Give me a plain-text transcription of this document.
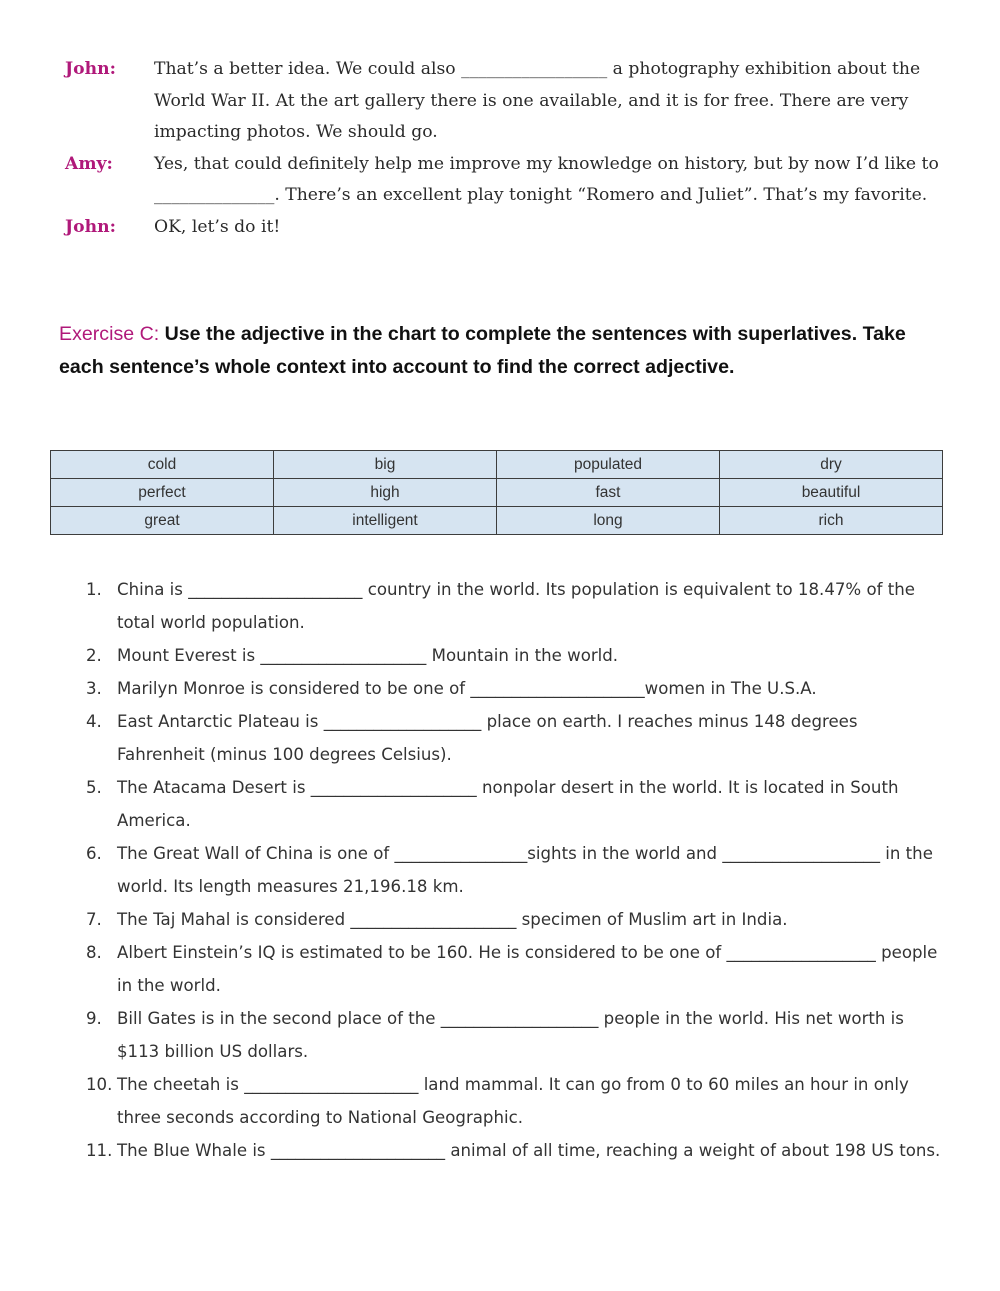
John:	That’s a better idea. We could also _________________ a photography exhibition about the World War II. At the art gallery there is one available, and it is for free. There are very impacting photos. We should go.
Amy:	Yes, that could definitely help me improve my knowledge on history, but by now I’d like to ______________. There’s an excellent play tonight “Romero and Juliet”. That’s my favorite.
John:	OK, let’s do it!
Exercise C: Use the adjective in the chart to complete the sentences with superlatives. Take each sentence’s whole context into account to find the correct adjective.
cold	big	populated	dry
perfect	high	fast	beautiful
great	intelligent	long	rich
1. China is _____________________ country in the world. Its population is equivalent to 18.47% of the total world population.
2. Mount Everest is ____________________ Mountain in the world.
3. Marilyn Monroe is considered to be one of _____________________women in The U.S.A.
4. East Antarctic Plateau is ___________________ place on earth. I reaches minus 148 degrees Fahrenheit (minus 100 degrees Celsius).
5. The Atacama Desert is ____________________ nonpolar desert in the world. It is located in South America.
6. The Great Wall of China is one of ________________sights in the world and ___________________ in the world. Its length measures 21,196.18 km.
7. The Taj Mahal is considered ____________________ specimen of Muslim art in India.
8. Albert Einstein’s IQ is estimated to be 160. He is considered to be one of __________________ people in the world.
9. Bill Gates is in the second place of the ___________________ people in the world. His net worth is $113 billion US dollars.
10. The cheetah is _____________________ land mammal. It can go from 0 to 60 miles an hour in only three seconds according to National Geographic.
11. The Blue Whale is _____________________ animal of all time, reaching a weight of about 198 US tons.
